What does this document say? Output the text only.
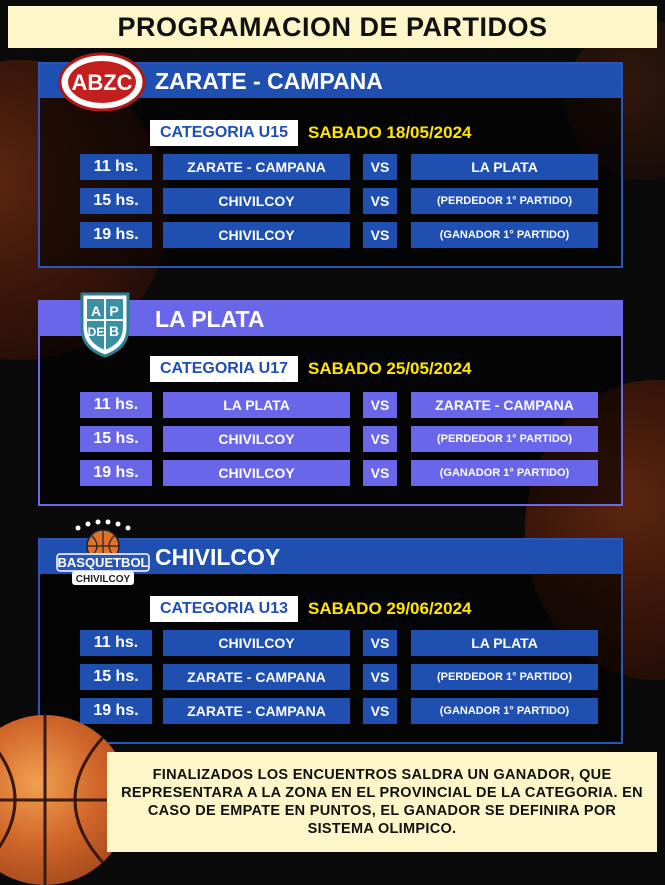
PROGRAMACION DE PARTIDOS
ZARATE - CAMPANA
CATEGORIA U15	SABADO 18/05/2024
11 hs.	ZARATE - CAMPANA	VS	LA PLATA
15 hs.	CHIVILCOY	VS	(PERDEDOR 1° PARTIDO)
19 hs.	CHIVILCOY	VS	(GANADOR 1° PARTIDO)
ABZC
LA PLATA
CATEGORIA U17	SABADO 25/05/2024
11 hs.	LA PLATA	VS	ZARATE - CAMPANA
15 hs.	CHIVILCOY	VS	(PERDEDOR 1° PARTIDO)
19 hs.	CHIVILCOY	VS	(GANADOR 1° PARTIDO)
A P
DE B
CHIVILCOY
CATEGORIA U13	SABADO 29/06/2024
11 hs.	CHIVILCOY	VS	LA PLATA
15 hs.	ZARATE - CAMPANA	VS	(PERDEDOR 1° PARTIDO)
19 hs.	ZARATE - CAMPANA	VS	(GANADOR 1° PARTIDO)
BASQUETBOL
CHIVILCOY
FINALIZADOS LOS ENCUENTROS SALDRA UN GANADOR, QUE REPRESENTARA A LA ZONA EN EL PROVINCIAL DE LA CATEGORIA. EN CASO DE EMPATE EN PUNTOS, EL GANADOR SE DEFINIRA POR SISTEMA OLIMPICO.
